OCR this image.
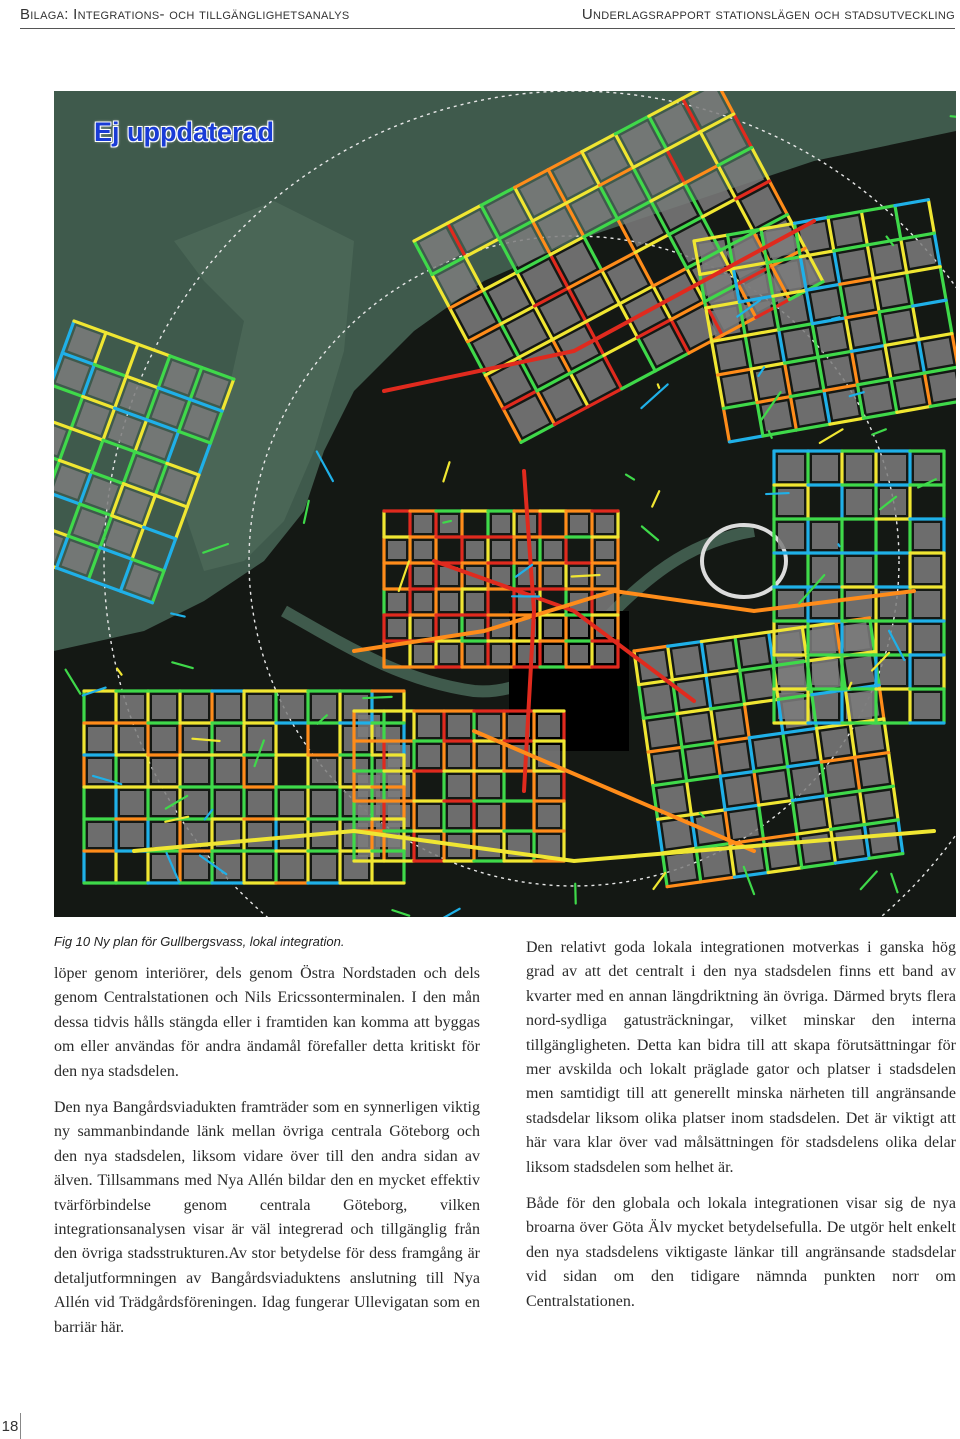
Bilaga: Integrations- och tillgänglighetsanalys	Underlagsrapport stationslägen och stadsutveckling
Ej uppdaterad
Fig 10 Ny plan för Gullbergsvass, lokal integration.

löper genom interiörer, dels genom Östra Nordstaden och dels genom Centralstationen och Nils Ericssonterminalen. I den mån dessa tidvis hålls stängda eller i framtiden kan komma att byggas om eller användas för andra ändamål förefaller detta kritiskt för den nya stadsdelen.

Den nya Bangårdsviadukten framträder som en synnerligen viktig ny sammanbindande länk mellan övriga centrala Göteborg och den nya stadsdelen, liksom vidare över till den andra sidan av älven. Tillsammans med Nya Allén bildar den en mycket effektiv tvärförbindelse genom centrala Göteborg, vilken integrationsanalysen visar är väl integrerad och tillgänglig från den övriga stadsstrukturen.Av stor betydelse för dess framgång är detaljutformningen av Bangårdsviaduktens anslutning till Nya Allén vid Trädgårdsföreningen. Idag fungerar Ullevigatan som en barriär här.

Den relativt goda lokala integrationen motverkas i ganska hög grad av att det centralt i den nya stadsdelen finns ett band av kvarter med en annan längdriktning än övriga. Därmed bryts flera nord-sydliga gatusträckningar, vilket minskar den interna tillgängligheten. Detta kan bidra till att skapa förutsättningar för mer avskilda och lokalt präglade gator och platser i stadsdelen men samtidigt till att generellt minska närheten till angränsande stadsdelar liksom olika platser inom stadsdelen. Det är viktigt att här vara klar över vad målsättningen för stadsdelens olika delar liksom stadsdelen som helhet är.

Både för den globala och lokala integrationen visar sig de nya broarna över Göta Älv mycket betydelsefulla. De utgör helt enkelt den nya stadsdelens viktigaste länkar till angränsande stadsdelar vid sidan om den tidigare nämnda punkten norr om Centralstationen.

18
